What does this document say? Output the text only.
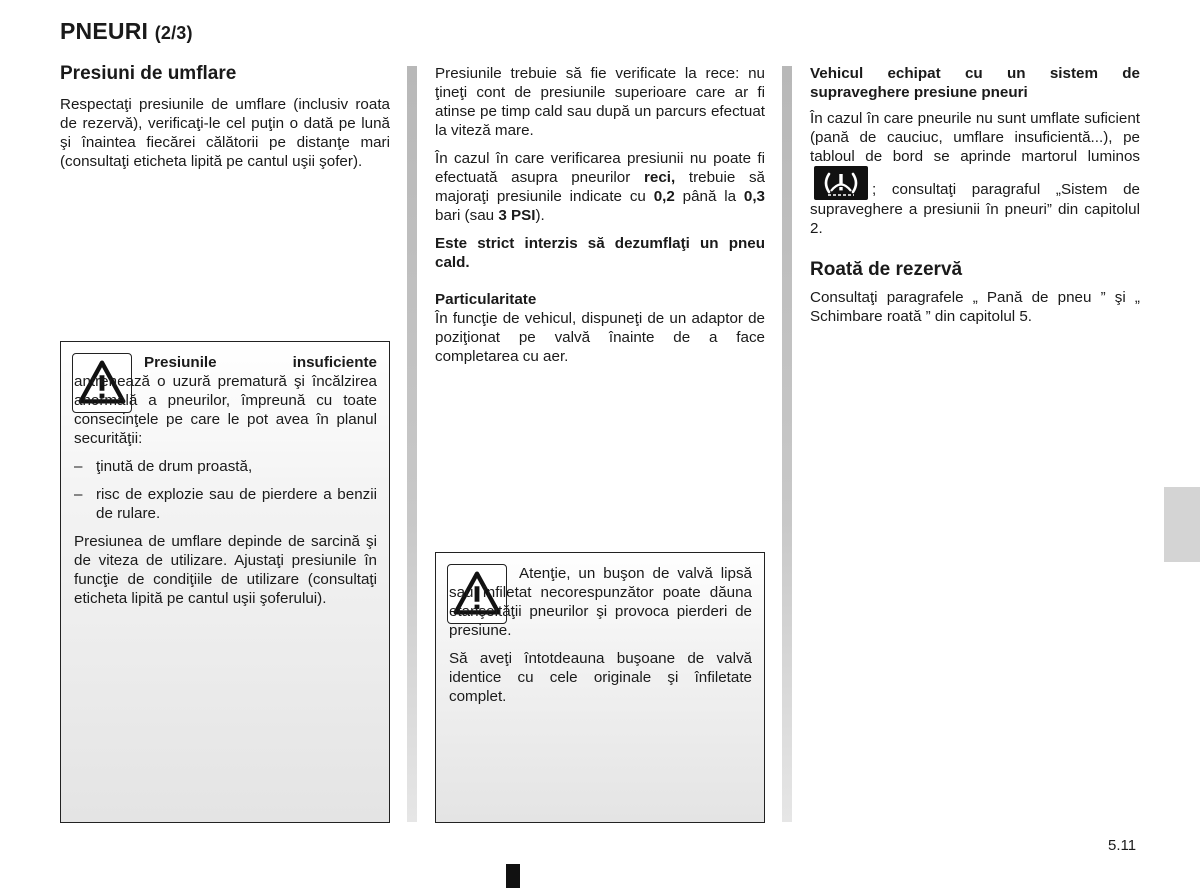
PNEURI (2/3)
Presiuni de umflare

Respectaţi presiunile de umflare (inclusiv roata de rezervă), verificaţi-le cel puţin o dată pe lună şi înaintea fiecărei călătorii pe distanţe mari (consultaţi eticheta lipită pe cantul uşii şofer).

Presiunile insuficiente antrenează o uzură prematură şi încălzirea anormală a pneurilor, împreună cu toate consecinţele pe care le pot avea în planul securităţii:

– ţinută de drum proastă,
– risc de explozie sau de pierdere a benzii de rulare.

Presiunea de umflare depinde de sarcină şi de viteza de utilizare. Ajustaţi presiunile în funcţie de condiţiile de utilizare (consultaţi eticheta lipită pe cantul uşii şoferului).

Presiunile trebuie să fie verificate la rece: nu ţineţi cont de presiunile superioare care ar fi atinse pe timp cald sau după un parcurs efectuat la viteză mare.

În cazul în care verificarea presiunii nu poate fi efectuată asupra pneurilor reci, trebuie să majoraţi presiunile indicate cu 0,2 până la 0,3 bari (sau 3 PSI).

Este strict interzis să dezumflaţi un pneu cald.

Particularitate

În funcţie de vehicul, dispuneţi de un adaptor de poziţionat pe valvă înainte de a face completarea cu aer.

Atenţie, un buşon de valvă lipsă sau înfiletat necorespunzător poate dăuna etanşeităţii pneurilor şi provoca pierderi de presiune.

Să aveţi întotdeauna buşoane de valvă identice cu cele originale şi înfiletate complet.

Vehicul echipat cu un sistem de supraveghere presiune pneuri

În cazul în care pneurile nu sunt umflate suficient (pană de cauciuc, umflare insuficientă...), pe tabloul de bord se aprinde martorul luminos
; consultaţi paragraful „Sistem de supraveghere a presiunii în pneuri” din capitolul 2.

Roată de rezervă

Consultaţi paragrafele „ Pană de pneu ” şi „ Schimbare roată ” din capitolul 5.

5.11
